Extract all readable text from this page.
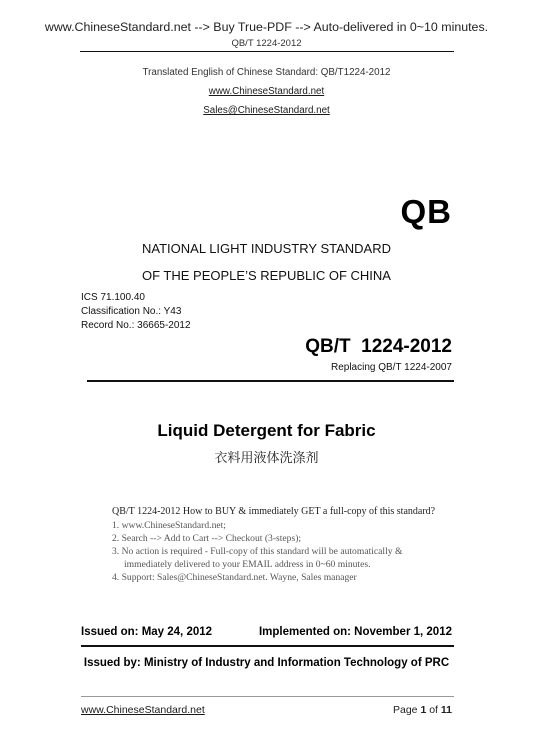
www.ChineseStandard.net --> Buy True-PDF --> Auto-delivered in 0~10 minutes.
QB/T 1224-2012
Translated English of Chinese Standard: QB/T1224-2012
www.ChineseStandard.net
Sales@ChineseStandard.net
QB
NATIONAL LIGHT INDUSTRY STANDARD
OF THE PEOPLE’S REPUBLIC OF CHINA
ICS 71.100.40
Classification No.: Y43
Record No.: 36665-2012
QB/T  1224-2012
Replacing QB/T 1224-2007
Liquid Detergent for Fabric
衣料用液体洗涤剂
QB/T 1224-2012 How to BUY & immediately GET a full-copy of this standard?
1. www.ChineseStandard.net;
2. Search --> Add to Cart --> Checkout (3-steps);
3. No action is required - Full-copy of this standard will be automatically &
immediately delivered to your EMAIL address in 0~60 minutes.
4. Support: Sales@ChineseStandard.net. Wayne, Sales manager
Issued on: May 24, 2012	Implemented on: November 1, 2012
Issued by: Ministry of Industry and Information Technology of PRC
www.ChineseStandard.net	Page 1 of 11
